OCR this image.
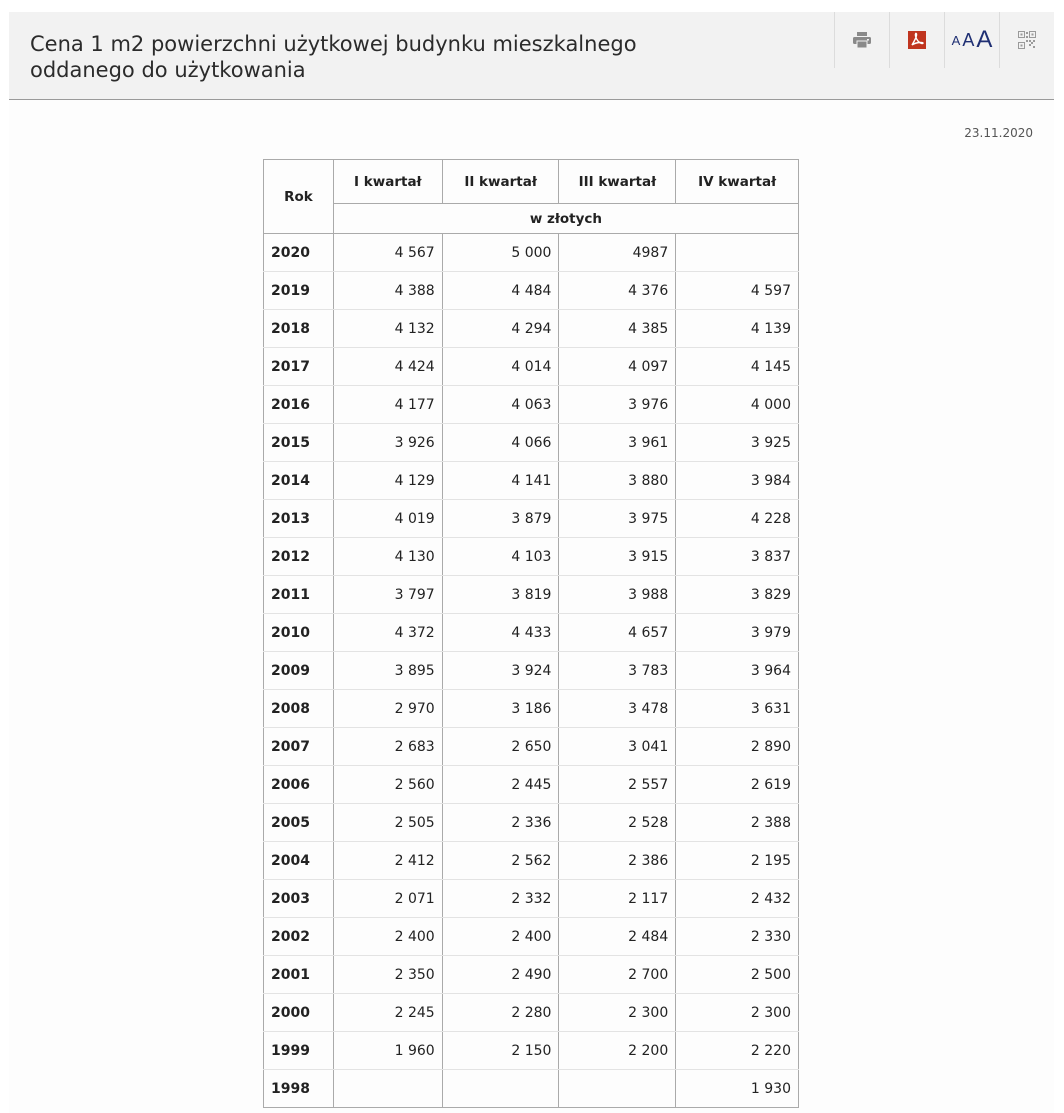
Cena 1 m2 powierzchni użytkowej budynku mieszkalnego
oddanego do użytkowania
A A A
23.11.2020
Rok	I kwartał	II kwartał	III kwartał	IV kwartał
	w złotych			
2020	4 567	5 000	4987	
2019	4 388	4 484	4 376	4 597
2018	4 132	4 294	4 385	4 139
2017	4 424	4 014	4 097	4 145
2016	4 177	4 063	3 976	4 000
2015	3 926	4 066	3 961	3 925
2014	4 129	4 141	3 880	3 984
2013	4 019	3 879	3 975	4 228
2012	4 130	4 103	3 915	3 837
2011	3 797	3 819	3 988	3 829
2010	4 372	4 433	4 657	3 979
2009	3 895	3 924	3 783	3 964
2008	2 970	3 186	3 478	3 631
2007	2 683	2 650	3 041	2 890
2006	2 560	2 445	2 557	2 619
2005	2 505	2 336	2 528	2 388
2004	2 412	2 562	2 386	2 195
2003	2 071	2 332	2 117	2 432
2002	2 400	2 400	2 484	2 330
2001	2 350	2 490	2 700	2 500
2000	2 245	2 280	2 300	2 300
1999	1 960	2 150	2 200	2 220
1998				1 930
